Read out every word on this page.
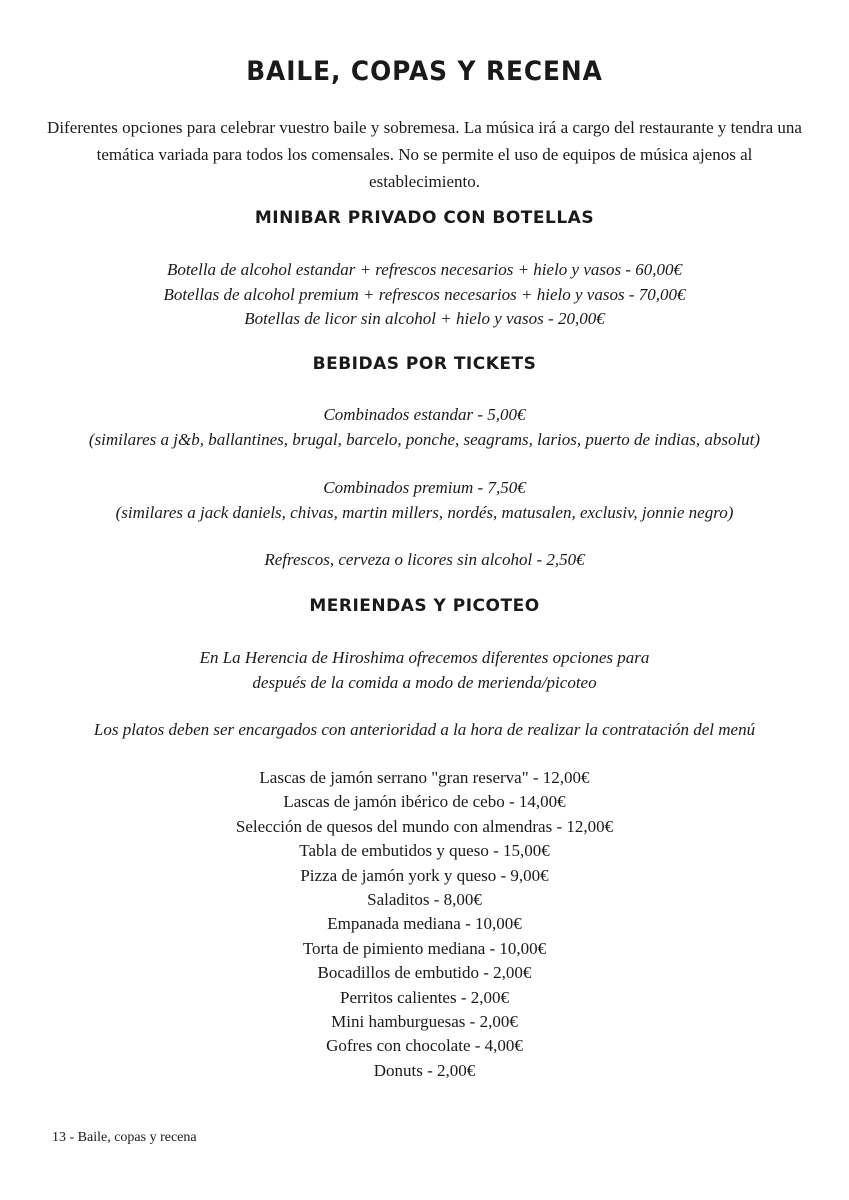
BAILE, COPAS Y RECENA
Diferentes opciones para celebrar vuestro baile y sobremesa. La música irá a cargo del restaurante y tendra una temática variada para todos los comensales. No se permite el uso de equipos de música ajenos al establecimiento.
MINIBAR PRIVADO CON BOTELLAS
Botella de alcohol estandar + refrescos necesarios + hielo y vasos - 60,00€
Botellas de alcohol premium + refrescos necesarios + hielo y vasos - 70,00€
Botellas de licor sin alcohol + hielo y vasos - 20,00€
BEBIDAS POR TICKETS
Combinados estandar - 5,00€
(similares a j&b, ballantines, brugal, barcelo, ponche, seagrams, larios, puerto de indias, absolut)
Combinados premium - 7,50€
(similares a jack daniels, chivas, martin millers, nordés, matusalen, exclusiv, jonnie negro)
Refrescos, cerveza o licores sin alcohol - 2,50€
MERIENDAS Y PICOTEO
En La Herencia de Hiroshima ofrecemos diferentes opciones para
después de la comida a modo de merienda/picoteo
Los platos deben ser encargados con anterioridad a la hora de realizar la contratación del menú
Lascas de jamón serrano "gran reserva" - 12,00€
Lascas de jamón ibérico de cebo - 14,00€
Selección de quesos del mundo con almendras - 12,00€
Tabla de embutidos y queso - 15,00€
Pizza de jamón york y queso - 9,00€
Saladitos - 8,00€
Empanada mediana - 10,00€
Torta de pimiento mediana - 10,00€
Bocadillos de embutido - 2,00€
Perritos calientes - 2,00€
Mini hamburguesas - 2,00€
Gofres con chocolate - 4,00€
Donuts - 2,00€
13 - Baile, copas y recena
